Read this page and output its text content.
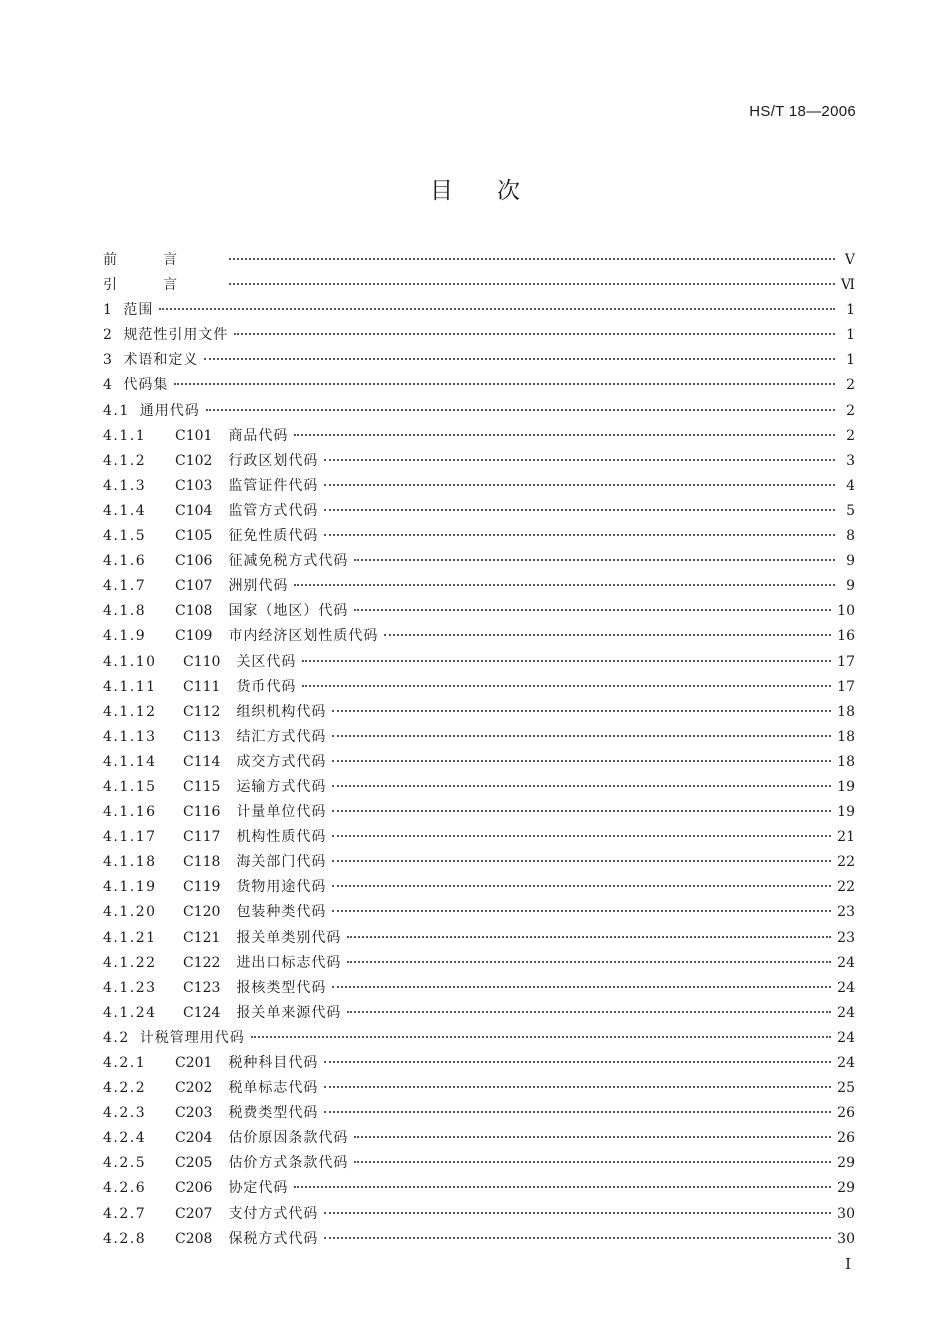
HS/T 18—2006
目次
前言	Ⅴ
引言	Ⅵ
1 范围	1
2 规范性引用文件	1
3 术语和定义	1
4 代码集	2
4.1 通用代码	2
4.1.1	C101 商品代码	2
4.1.2	C102 行政区划代码	3
4.1.3	C103 监管证件代码	4
4.1.4	C104 监管方式代码	5
4.1.5	C105 征免性质代码	8
4.1.6	C106 征减免税方式代码	9
4.1.7	C107 洲别代码	9
4.1.8	C108 国家（地区）代码	10
4.1.9	C109 市内经济区划性质代码	16
4.1.10	C110 关区代码	17
4.1.11	C111 货币代码	17
4.1.12	C112 组织机构代码	18
4.1.13	C113 结汇方式代码	18
4.1.14	C114 成交方式代码	18
4.1.15	C115 运输方式代码	19
4.1.16	C116 计量单位代码	19
4.1.17	C117 机构性质代码	21
4.1.18	C118 海关部门代码	22
4.1.19	C119 货物用途代码	22
4.1.20	C120 包装种类代码	23
4.1.21	C121 报关单类别代码	23
4.1.22	C122 进出口标志代码	24
4.1.23	C123 报核类型代码	24
4.1.24	C124 报关单来源代码	24
4.2 计税管理用代码	24
4.2.1	C201 税种科目代码	24
4.2.2	C202 税单标志代码	25
4.2.3	C203 税费类型代码	26
4.2.4	C204 估价原因条款代码	26
4.2.5	C205 估价方式条款代码	29
4.2.6	C206 协定代码	29
4.2.7	C207 支付方式代码	30
4.2.8	C208 保税方式代码	30
I
